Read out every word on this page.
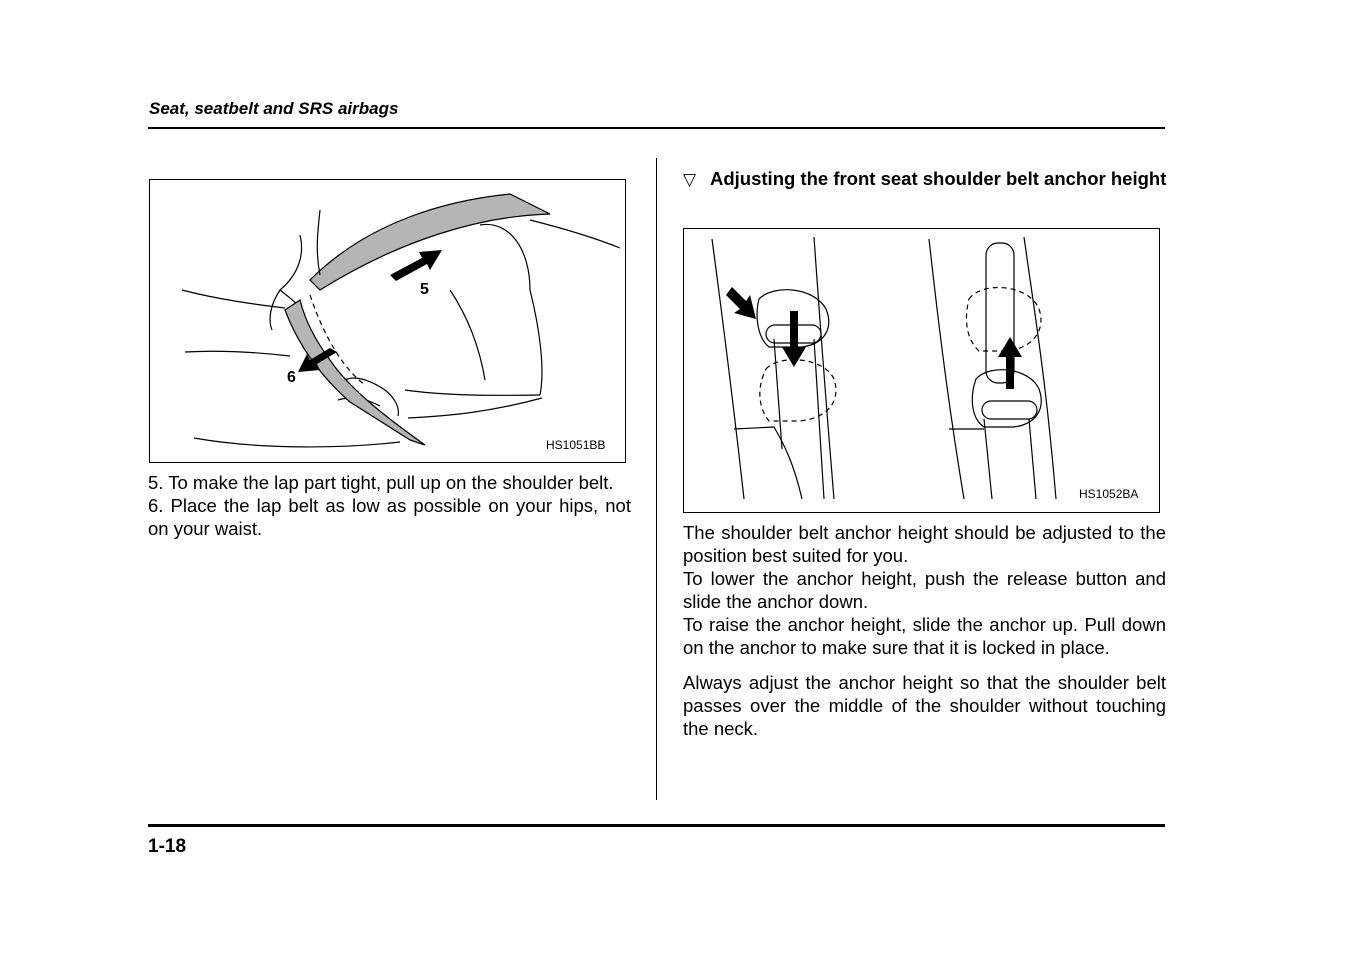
Seat, seatbelt and SRS airbags
5
6
HS1051BB

5. To make the lap part tight, pull up on the shoulder belt.

6. Place the lap belt as low as possible on your hips, not on your waist.

▽ Adjusting the front seat shoulder belt anchor height
HS1052BA

The shoulder belt anchor height should be adjusted to the position best suited for you.

To lower the anchor height, push the release button and slide the anchor down.

To raise the anchor height, slide the anchor up. Pull down on the anchor to make sure that it is locked in place.

Always adjust the anchor height so that the shoulder belt passes over the middle of the shoulder without touching the neck.

1-18
